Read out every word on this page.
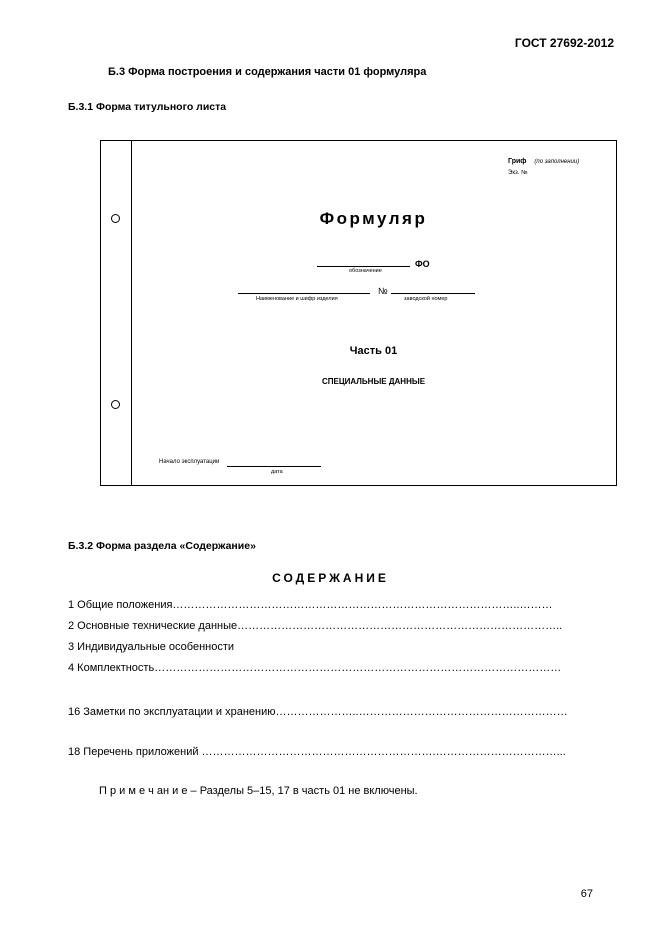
ГОСТ 27692-2012
Б.3 Форма построения и содержания части 01 формуляра
Б.3.1 Форма титульного листа
Гриф (по заполнении)
Экз. №
Формуляр
ФО
обозначение
№
Наименование и шифр изделия	заводской номер
Часть 01
СПЕЦИАЛЬНЫЕ ДАННЫЕ
Начало эксплуатации
дата
Б.3.2 Форма раздела «Содержание»
СОДЕРЖАНИЕ
1 Общие положения…………………………………………………………………………………..………
2 Основные технические данные……………………………………………………………………………..
3 Индивидуальные особенности
4 Комплектность…………………………………………………………………………………………………
16 Заметки по эксплуатации и хранению…………………..…………………………………………………
18 Перечень приложений ……………………………………………………….……………………………...
П р и м е ч ан и е – Разделы 5–15, 17 в часть 01 не включены.
67
